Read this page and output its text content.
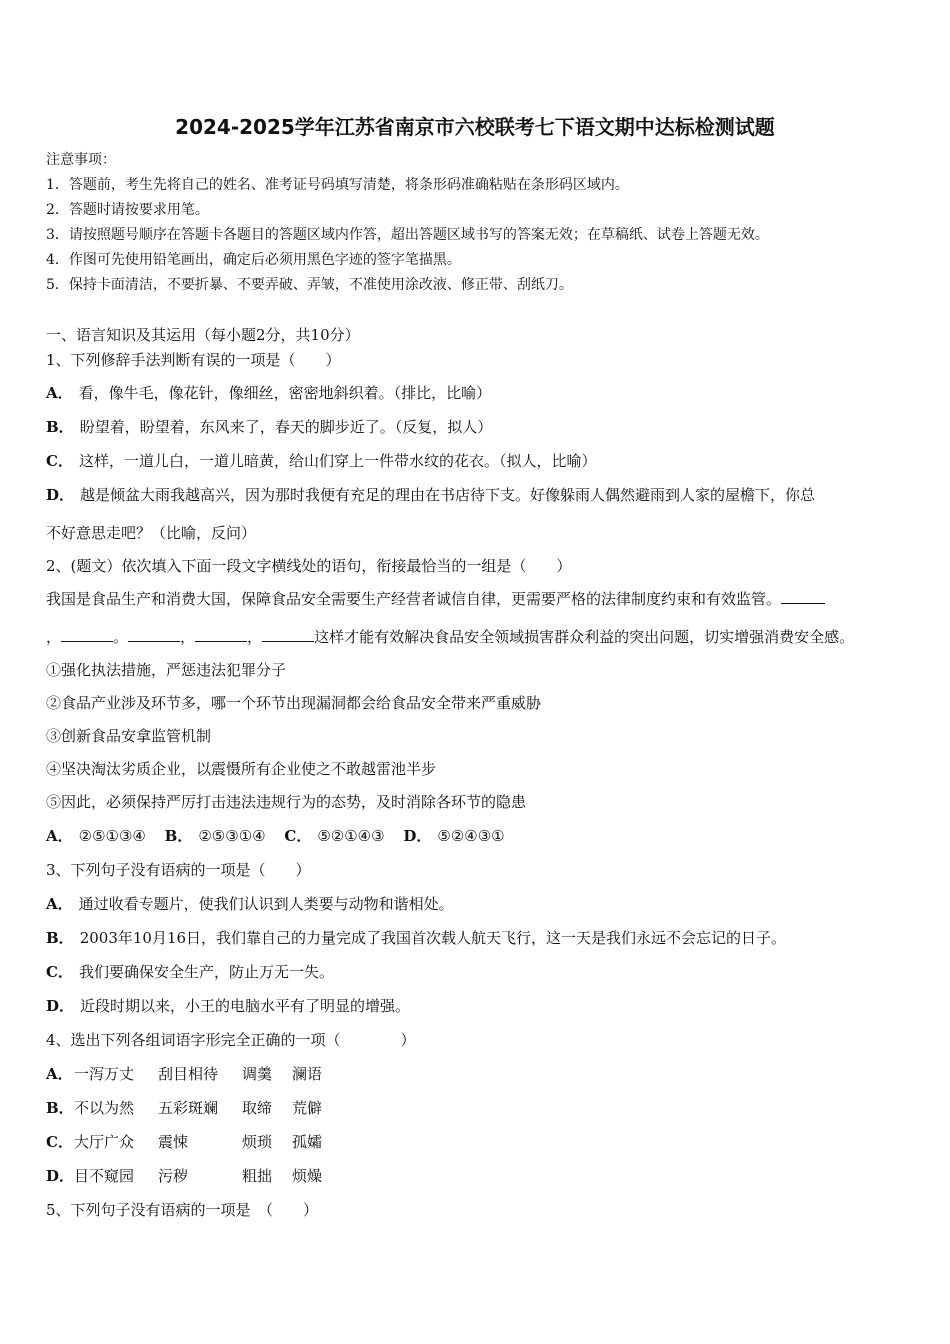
2024-2025学年江苏省南京市六校联考七下语文期中达标检测试题
注意事项：
1．答题前，考生先将自己的姓名、准考证号码填写清楚，将条形码准确粘贴在条形码区域内。
2．答题时请按要求用笔。
3．请按照题号顺序在答题卡各题目的答题区域内作答，超出答题区域书写的答案无效；在草稿纸、试卷上答题无效。
4．作图可先使用铅笔画出，确定后必须用黑色字迹的签字笔描黑。
5．保持卡面清洁，不要折暴、不要弄破、弄皱，不准使用涂改液、修正带、刮纸刀。
一、语言知识及其运用（每小题2分，共10分）
1、下列修辞手法判断有误的一项是（　　）
A． 看，像牛毛，像花针，像细丝，密密地斜织着。（排比，比喻）
B． 盼望着，盼望着，东风来了，春天的脚步近了。（反复，拟人）
C． 这样，一道儿白，一道儿暗黄，给山们穿上一件带水纹的花衣。（拟人，比喻）
D． 越是倾盆大雨我越高兴，因为那时我便有充足的理由在书店待下支。好像躲雨人偶然避雨到人家的屋檐下，你总
不好意思走吧？（比喻，反问）
2、(题文）依次填入下面一段文字横线处的语句，衔接最恰当的一组是（　　）
我国是食品生产和消费大国，保障食品安全需要生产经营者诚信自律，更需要严格的法律制度约束和有效监管。
，	。	，	，	这样才能有效解决食品安全领域损害群众利益的突出问题，切实增强消费安全感。
①强化执法措施，严惩违法犯罪分子
②食品产业涉及环节多，哪一个环节出现漏洞都会给食品安全带来严重威胁
③创新食品安拿监管机制
④坚决淘汰劣质企业，以震慑所有企业使之不敢越雷池半步
⑤因此，必须保持严厉打击违法违规行为的态势，及时消除各环节的隐患
A． ②⑤①③④ B． ②⑤③①④ C． ⑤②①④③ D． ⑤②④③①
3、下列句子没有语病的一项是（　　）
A． 通过收看专题片，使我们认识到人类要与动物和谐相处。
B． 2003年10月16日，我们靠自己的力量完成了我国首次载人航天飞行，这一天是我们永远不会忘记的日子。
C． 我们要确保安全生产，防止万无一失。
D． 近段时期以来，小王的电脑水平有了明显的增强。
4、选出下列各组词语字形完全正确的一项（　　　　）
A．一泻万丈 刮目相待 调羹 澜语
B．不以为然 五彩斑斓 取缔 荒僻
C．大厅广众 震悚	烦琐 孤孀
D．目不窥园 污秽	粗拙 烦燥
5、下列句子没有语病的一项是　（　　）
